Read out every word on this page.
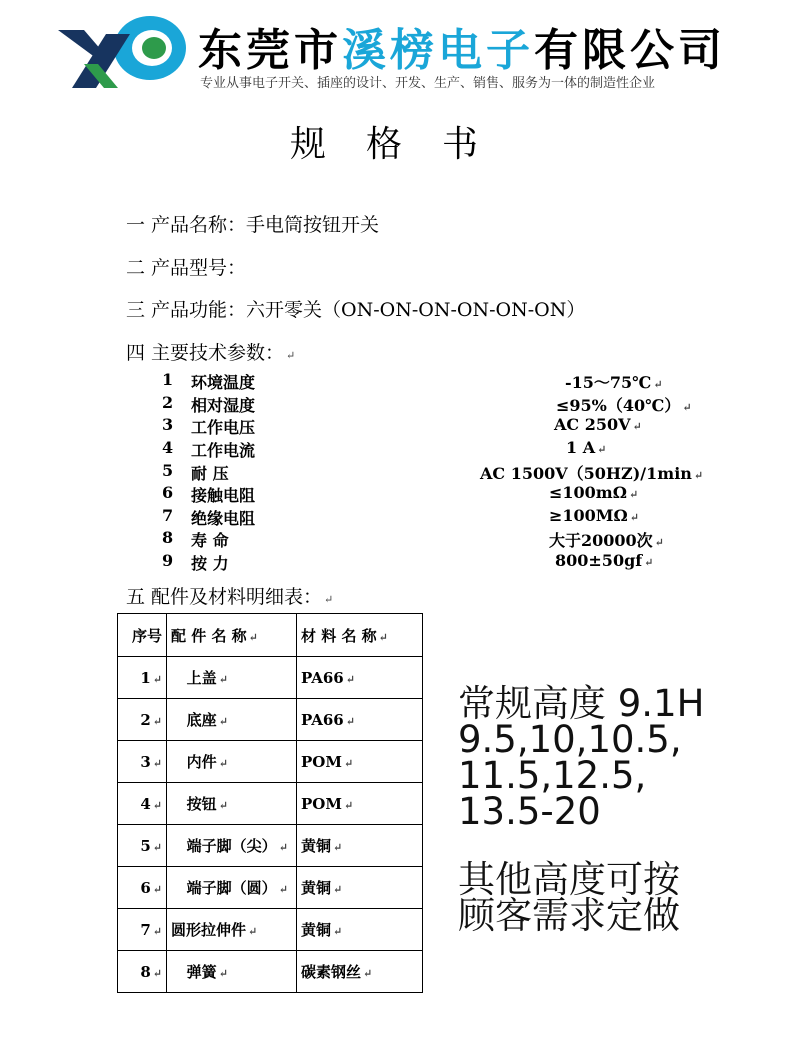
东莞市溪榜电子有限公司
专业从事电子开关、插座的设计、开发、生产、销售、服务为一体的制造性企业
规格书
一 产品名称：手电筒按钮开关
二 产品型号：
三 产品功能：六开零关（ON-ON-ON-ON-ON-ON）
四 主要技术参数： ↵
1 环境温度	-15～75℃ ↵
2 相对湿度	≤95%（40℃） ↵
3 工作电压	AC 250V ↵
4 工作电流	1 A ↵
5 耐 压	AC 1500V（50HZ)/1min ↵
6 接触电阻	≤100mΩ ↵
7 绝缘电阻	≥100MΩ ↵
8 寿 命	大于20000次 ↵
9 按 力	800±50gf ↵
五 配件及材料明细表： ↵
序号	配 件 名 称 ↵	材 料 名 称 ↵
1 ↵	上盖 ↵	PA66 ↵
2 ↵	底座 ↵	PA66 ↵
3 ↵	内件 ↵	POM ↵
4 ↵	按钮 ↵	POM ↵
5 ↵	端子脚（尖） ↵	黄铜 ↵
6 ↵	端子脚（圆） ↵	黄铜 ↵
7 ↵	圆形拉伸件 ↵	黄铜 ↵
8 ↵	弹簧 ↵	碳素钢丝 ↵
常规高度 9.1H
9.5,10,10.5,
11.5,12.5,
13.5-20
其他高度可按
顾客需求定做
